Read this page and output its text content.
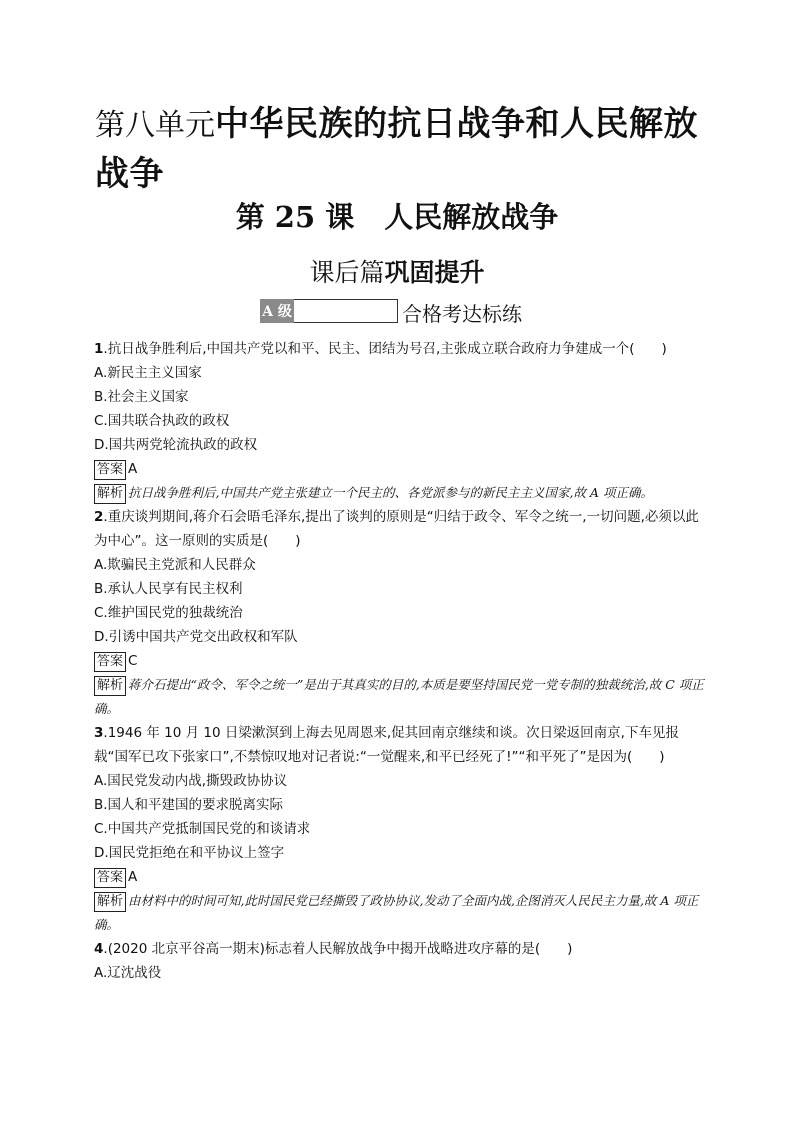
第八单元中华民族的抗日战争和人民解放战争
第 25 课 人民解放战争
课后篇巩固提升
A 级	合格考达标练
1.抗日战争胜利后,中国共产党以和平、民主、团结为号召,主张成立联合政府力争建成一个(　　)
A.新民主主义国家
B.社会主义国家
C.国共联合执政的政权
D.国共两党轮流执政的政权
答案 A
解析 抗日战争胜利后,中国共产党主张建立一个民主的、各党派参与的新民主主义国家,故 A 项正确。
2.重庆谈判期间,蒋介石会晤毛泽东,提出了谈判的原则是“归结于政令、军令之统一,一切问题,必须以此为中心”。这一原则的实质是(　　)
A.欺骗民主党派和人民群众
B.承认人民享有民主权利
C.维护国民党的独裁统治
D.引诱中国共产党交出政权和军队
答案 C
解析 蒋介石提出“政令、军令之统一”是出于其真实的目的,本质是要坚持国民党一党专制的独裁统治,故 C 项正确。
3.1946 年 10 月 10 日梁漱溟到上海去见周恩来,促其回南京继续和谈。次日梁返回南京,下车见报载“国军已攻下张家口”,不禁惊叹地对记者说:“一觉醒来,和平已经死了!”“和平死了”是因为(　　)
A.国民党发动内战,撕毁政协协议
B.国人和平建国的要求脱离实际
C.中国共产党抵制国民党的和谈请求
D.国民党拒绝在和平协议上签字
答案 A
解析 由材料中的时间可知,此时国民党已经撕毁了政协协议,发动了全面内战,企图消灭人民民主力量,故 A 项正确。
4.(2020 北京平谷高一期末)标志着人民解放战争中揭开战略进攻序幕的是(　　)
A.辽沈战役
